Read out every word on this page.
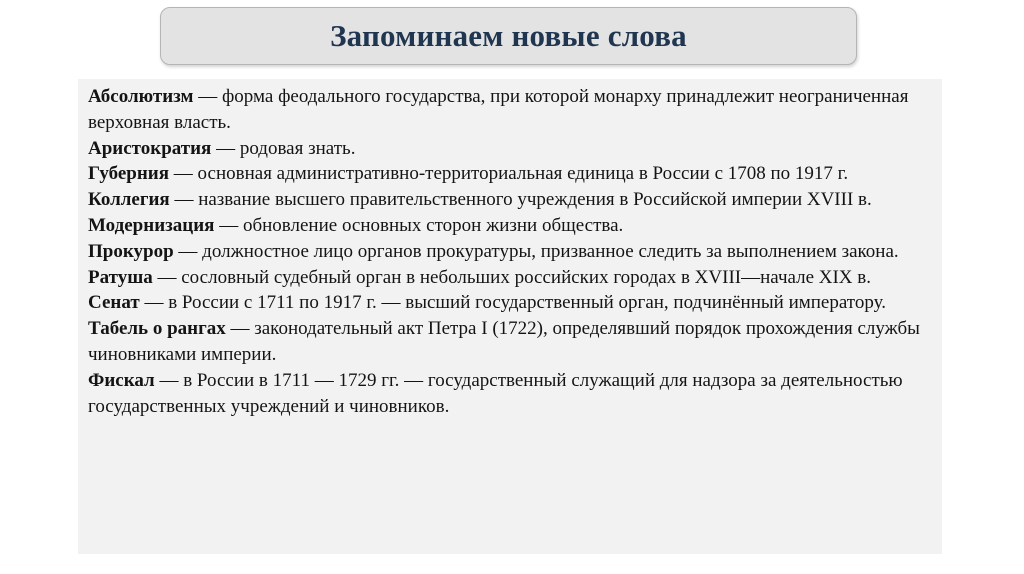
Запоминаем новые слова

Абсолютизм — форма феодального государства, при которой монарху принадлежит неограниченная верховная власть.

Аристократия — родовая знать.

Губерния — основная административно-территориальная единица в России с 1708 по 1917 г.

Коллегия — название высшего правительственного учреждения в Российской империи XVIII в.

Модернизация — обновление основных сторон жизни общества.

Прокурор — должностное лицо органов прокуратуры, призванное следить за выполнением закона.

Ратуша — сословный судебный орган в небольших российских городах в XVIII—начале XIX в.

Сенат — в России с 1711 по 1917 г. — высший государственный орган, подчинённый императору.

Табель о рангах — законодательный акт Петра I (1722), определявший порядок прохождения службы чиновниками империи.

Фискал — в России в 1711 — 1729 гг. — государственный служащий для надзора за деятельностью государственных учреждений и чиновников.
